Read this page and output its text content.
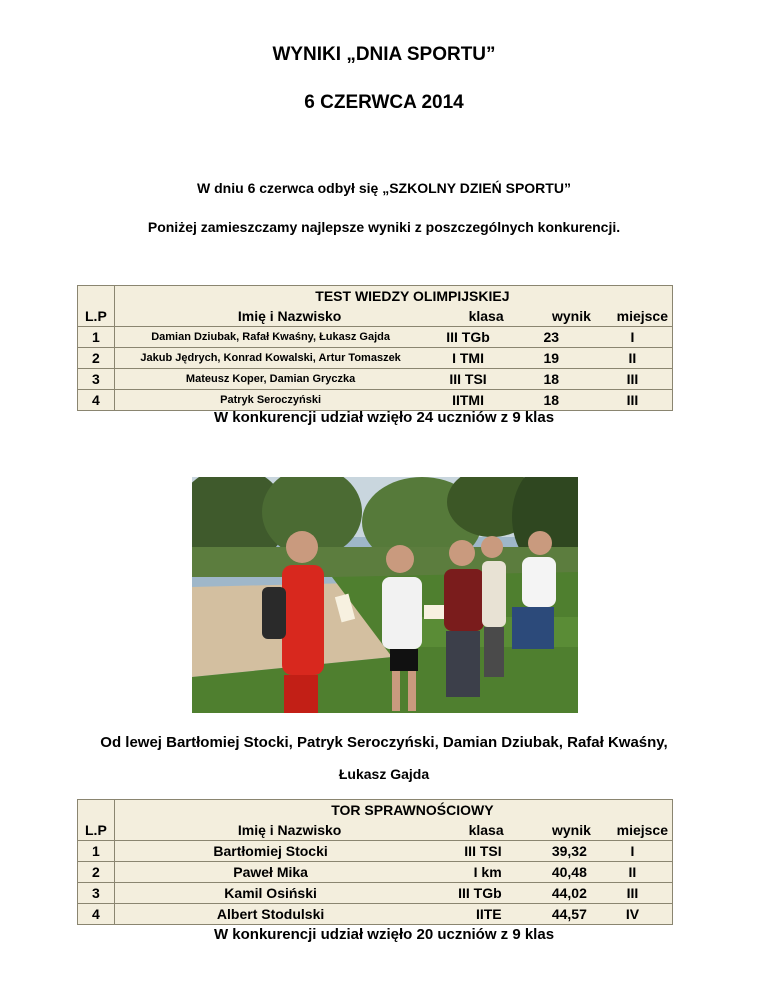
WYNIKI „DNIA SPORTU”
6 CZERWCA 2014
W dniu 6 czerwca odbył się „SZKOLNY DZIEŃ SPORTU”
Poniżej zamieszczamy najlepsze wyniki z poszczególnych konkurencji.
L.P	TEST WIEDZY OLIMPIJSKIEJ			
	Imię i Nazwisko	klasa	wynik	miejsce
1	Damian Dziubak, Rafał Kwaśny, Łukasz Gajda	III TGb	23	I
2	Jakub Jędrych, Konrad Kowalski, Artur Tomaszek	I TMI	19	II
3	Mateusz Koper, Damian Gryczka	III TSI	18	III
4	Patryk Seroczyński	IITMI	18	III
W konkurencji udział wzięło 24 uczniów z 9 klas
Od lewej Bartłomiej Stocki, Patryk Seroczyński, Damian Dziubak, Rafał Kwaśny,
Łukasz Gajda
L.P	TOR SPRAWNOŚCIOWY			
	Imię i Nazwisko	klasa	wynik	miejsce
1	Bartłomiej Stocki	III TSI	39,32	I
2	Paweł Mika	I km	40,48	II
3	Kamil Osiński	III TGb	44,02	III
4	Albert Stodulski	IITE	44,57	IV
W konkurencji udział wzięło 20 uczniów z 9 klas
